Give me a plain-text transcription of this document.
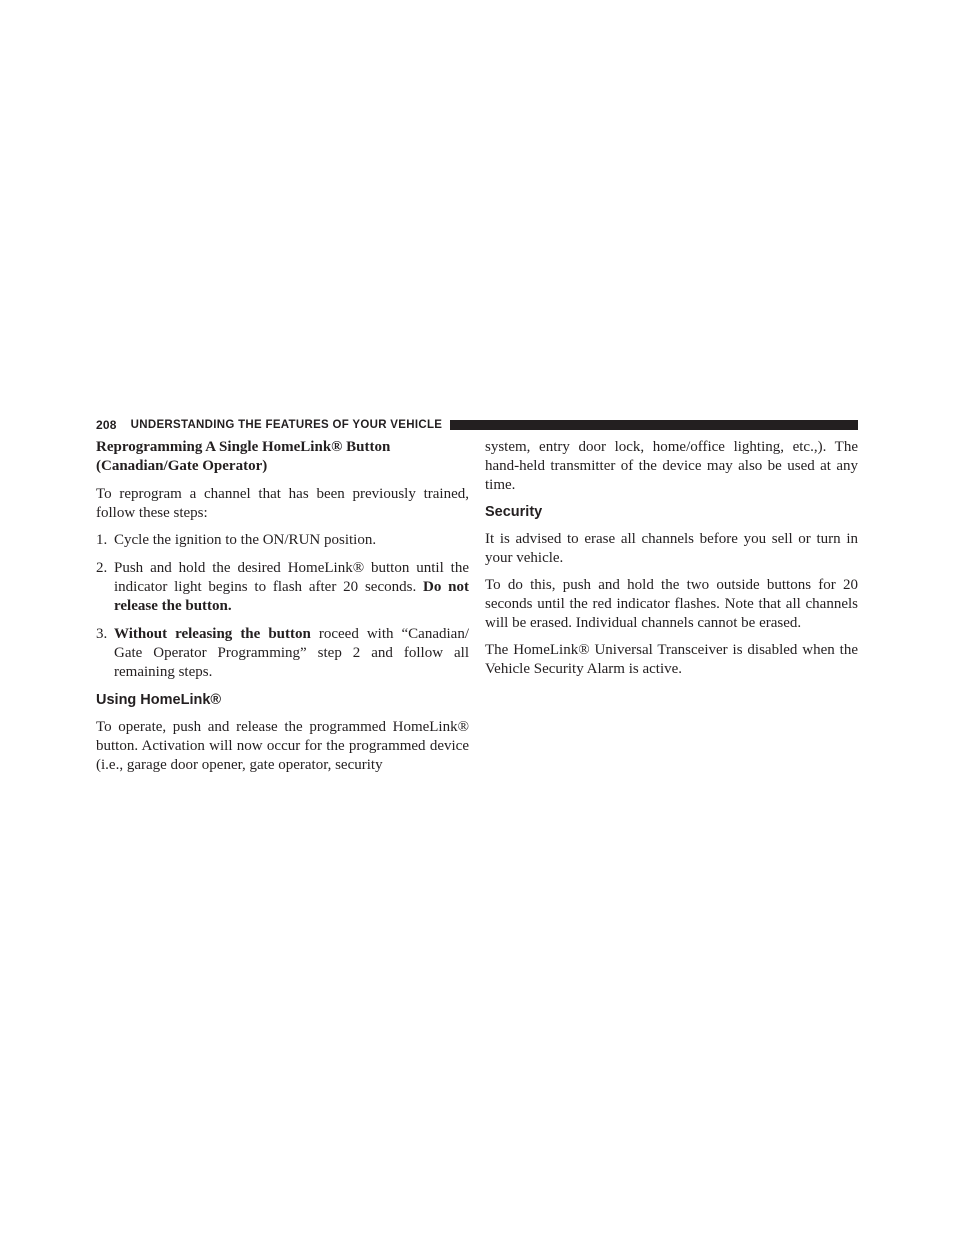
208 UNDERSTANDING THE FEATURES OF YOUR VEHICLE
Reprogramming A Single HomeLink® Button (Canadian/Gate Operator)

To reprogram a channel that has been previously trained, follow these steps:

1. Cycle the ignition to the ON/RUN position.
2. Push and hold the desired HomeLink® button until the indicator light begins to flash after 20 seconds. Do not release the button.
3. Without releasing the button roceed with “Canadian/ Gate Operator Programming” step 2 and follow all remaining steps.
Using HomeLink®

To operate, push and release the programmed HomeLink® button. Activation will now occur for the programmed device (i.e., garage door opener, gate operator, security

system, entry door lock, home/office lighting, etc.,). The hand-held transmitter of the device may also be used at any time.

Security

It is advised to erase all channels before you sell or turn in your vehicle.

To do this, push and hold the two outside buttons for 20 seconds until the red indicator flashes. Note that all channels will be erased. Individual channels cannot be erased.

The HomeLink® Universal Transceiver is disabled when the Vehicle Security Alarm is active.
